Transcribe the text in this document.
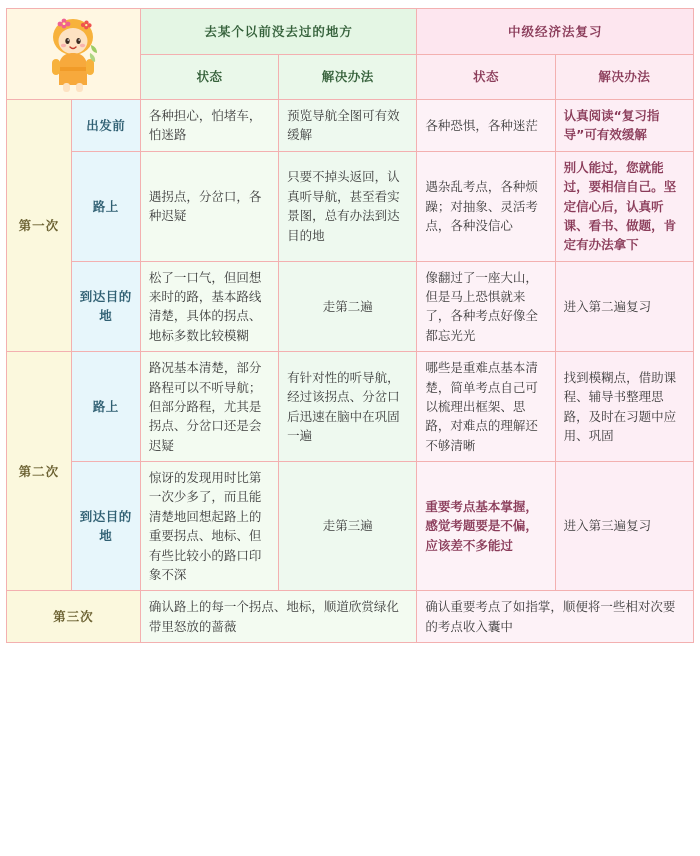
	去某个以前没去过的地方		中级经济法复习	
		状态	解决办法	状态	解决办法
第一次	出发前	各种担心，怕堵车，怕迷路	预览导航全图可有效缓解	各种恐惧，各种迷茫	认真阅读“复习指导”可有效缓解
	路上	遇拐点，分岔口，各种迟疑	只要不掉头返回，认真听导航，甚至看实景图，总有办法到达目的地	遇杂乱考点，各种烦躁；对抽象、灵活考点，各种没信心	别人能过，您就能过，要相信自己。坚定信心后，认真听课、看书、做题，肯定有办法拿下
	到达目的地	松了一口气，但回想来时的路，基本路线清楚，具体的拐点、地标多数比较模糊	走第二遍	像翻过了一座大山，但是马上恐惧就来了，各种考点好像全都忘光光	进入第二遍复习
第二次	路上	路况基本清楚，部分路程可以不听导航；但部分路程，尤其是拐点、分岔口还是会迟疑	有针对性的听导航，经过该拐点、分岔口后迅速在脑中在巩固一遍	哪些是重难点基本清楚，简单考点自己可以梳理出框架、思路，对难点的理解还不够清晰	找到模糊点，借助课程、辅导书整理思路，及时在习题中应用、巩固
	到达目的地	惊讶的发现用时比第一次少多了，而且能清楚地回想起路上的重要拐点、地标、但有些比较小的路口印象不深	走第三遍	重要考点基本掌握，感觉考题要是不偏，应该差不多能过	进入第三遍复习
第三次		确认路上的每一个拐点、地标，顺道欣赏绿化带里怒放的蔷薇		确认重要考点了如指掌，顺便将一些相对次要的考点收入囊中	
